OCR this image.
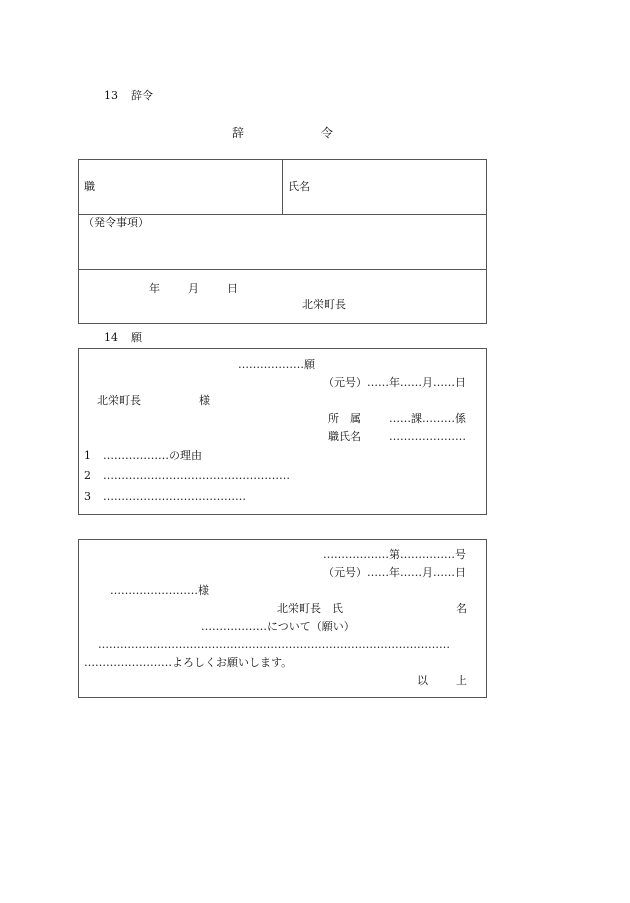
13 辞令
辞	令
職	氏名
（発令事項）
年	月	日
北栄町長
14 願
………………願
（元号）……年……月……日
北栄町長	様
所　属	……課………係
職氏名	…………………
1 ………………の理由
2 ……………………………………………
3 …………………………………
………………第……………号
（元号）……年……月……日
……………………様
北栄町長　氏	名
………………について（願い）
……………………………………………………………………………………
……………………よろしくお願いします。
以	上
